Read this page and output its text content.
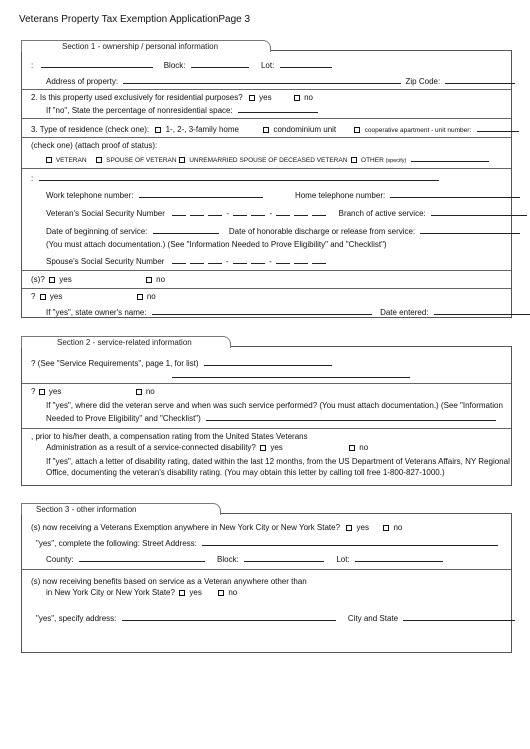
Veterans Property Tax Exemption ApplicationPage 3
Section 1 - ownership / personal information
:	Block:	Lot:
Address of property:	Zip Code:
2. Is this property used exclusively for residential purposes? yes	no
If "no", State the percentage of nonresidential space:
3. Type of residence (check one): 1-, 2-, 3-family home	condominium unit	cooperative apartment - unit number:
(check one) (attach proof of status):
VETERAN	SPOUSE OF VETERAN UNREMARRIED SPOUSE OF DECEASED VETERAN OTHER (specify)
:
Work telephone number:	Home telephone number:
Veteran's Social Security Number	-	-	Branch of active service:
Date of beginning of service:	Date of honorable discharge or release from service:
(You must attach documentation.) (See "Information Needed to Prove Eligibility" and "Checklist")
Spouse's Social Security Number	-	-
(s)? yes	no
? yes	no
If "yes", state owner's name:	Date entered:
Section 2 - service-related information
? (See "Service Requirements", page 1, for list)
? yes	no
If "yes", where did the veteran serve and when was such service performed? (You must attach documentation.) (See "Information
Needed to Prove Eligibility" and "Checklist")
, prior to his/her death, a compensation rating from the United States Veterans
Administration as a result of a service-connected disability? yes	no
If "yes", attach a letter of disability rating, dated within the last 12 months, from the US Department of Veterans Affairs, NY Regional
Office, documenting the veteran's disability rating. (You may obtain this letter by calling toll free 1-800-827-1000.)
Section 3 - other information
(s) now receiving a Veterans Exemption anywhere in New York City or New York State? yes	no
"yes", complete the following: Street Address:
County:	Block:	Lot:
(s) now receiving benefits based on service as a Veteran anywhere other than
in New York City or New York State? yes	no
"yes", specify address:	City and State
